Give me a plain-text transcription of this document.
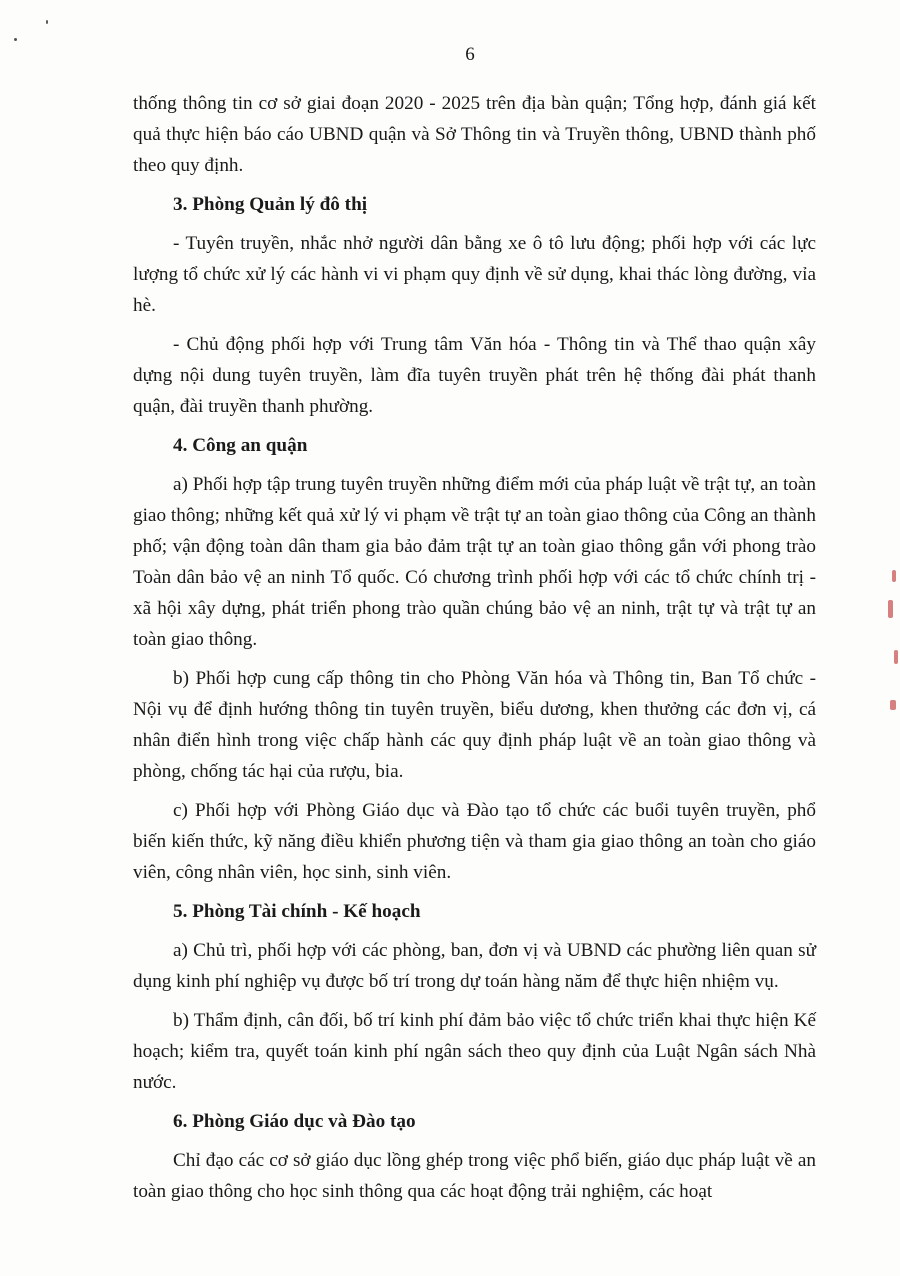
6

thống thông tin cơ sở giai đoạn 2020 - 2025 trên địa bàn quận; Tổng hợp, đánh giá kết quả thực hiện báo cáo UBND quận và Sở Thông tin và Truyền thông, UBND thành phố theo quy định.

3. Phòng Quản lý đô thị

- Tuyên truyền, nhắc nhở người dân bằng xe ô tô lưu động; phối hợp với các lực lượng tổ chức xử lý các hành vi vi phạm quy định về sử dụng, khai thác lòng đường, vỉa hè.

- Chủ động phối hợp với Trung tâm Văn hóa - Thông tin và Thể thao quận xây dựng nội dung tuyên truyền, làm đĩa tuyên truyền phát trên hệ thống đài phát thanh quận, đài truyền thanh phường.

4. Công an quận

a) Phối hợp tập trung tuyên truyền những điểm mới của pháp luật về trật tự, an toàn giao thông; những kết quả xử lý vi phạm về trật tự an toàn giao thông của Công an thành phố; vận động toàn dân tham gia bảo đảm trật tự an toàn giao thông gắn với phong trào Toàn dân bảo vệ an ninh Tổ quốc. Có chương trình phối hợp với các tổ chức chính trị - xã hội xây dựng, phát triển phong trào quần chúng bảo vệ an ninh, trật tự và trật tự an toàn giao thông.

b) Phối hợp cung cấp thông tin cho Phòng Văn hóa và Thông tin, Ban Tổ chức - Nội vụ để định hướng thông tin tuyên truyền, biểu dương, khen thưởng các đơn vị, cá nhân điển hình trong việc chấp hành các quy định pháp luật về an toàn giao thông và phòng, chống tác hại của rượu, bia.

c) Phối hợp với Phòng Giáo dục và Đào tạo tổ chức các buổi tuyên truyền, phổ biến kiến thức, kỹ năng điều khiển phương tiện và tham gia giao thông an toàn cho giáo viên, công nhân viên, học sinh, sinh viên.

5. Phòng Tài chính - Kế hoạch

a) Chủ trì, phối hợp với các phòng, ban, đơn vị và UBND các phường liên quan sử dụng kinh phí nghiệp vụ được bố trí trong dự toán hàng năm để thực hiện nhiệm vụ.

b) Thẩm định, cân đối, bố trí kinh phí đảm bảo việc tổ chức triển khai thực hiện Kế hoạch; kiểm tra, quyết toán kinh phí ngân sách theo quy định của Luật Ngân sách Nhà nước.

6. Phòng Giáo dục và Đào tạo

Chỉ đạo các cơ sở giáo dục lồng ghép trong việc phổ biến, giáo dục pháp luật về an toàn giao thông cho học sinh thông qua các hoạt động trải nghiệm, các hoạt
